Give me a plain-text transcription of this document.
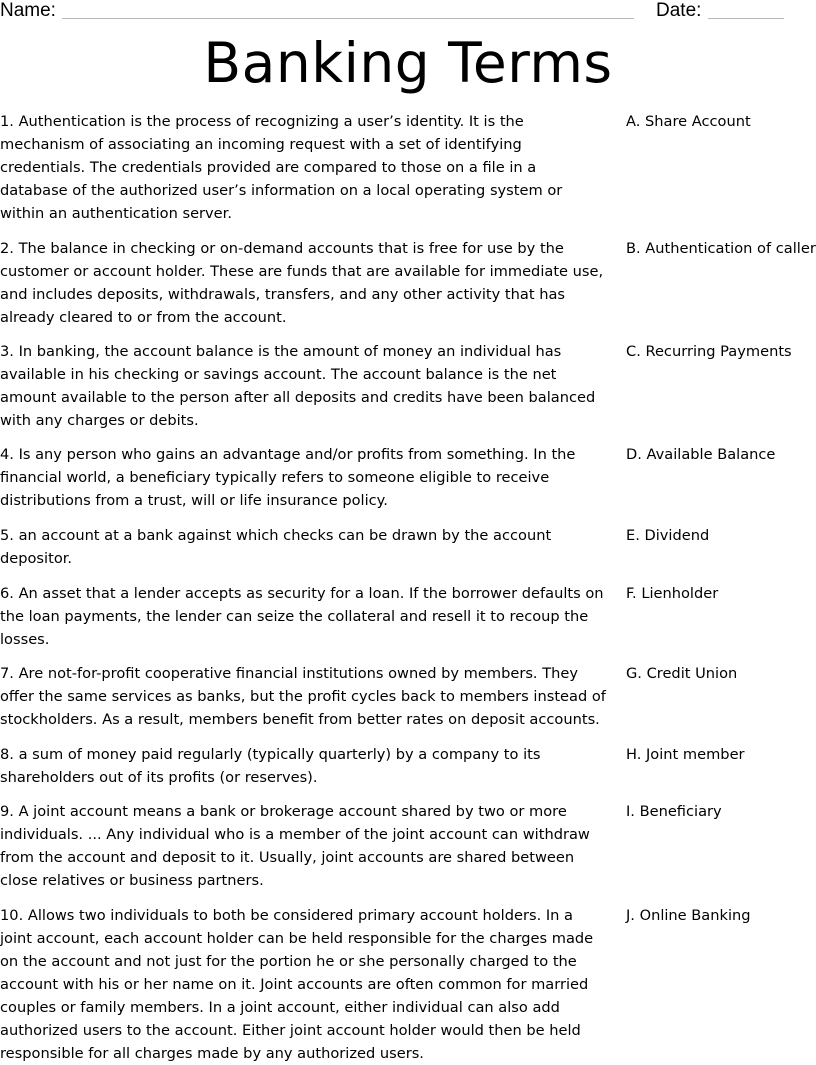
Name:	Date:
Banking Terms
1. Authentication is the process of recognizing a user’s identity. It is the mechanism of associating an incoming request with a set of identifying credentials. The credentials provided are compared to those on a file in a database of the authorized user’s information on a local operating system or within an authentication server.
A. Share Account
2. The balance in checking or on-demand accounts that is free for use by the customer or account holder. These are funds that are available for immediate use, and includes deposits, withdrawals, transfers, and any other activity that has already cleared to or from the account.
B. Authentication of caller
3. In banking, the account balance is the amount of money an individual has available in his checking or savings account. The account balance is the net amount available to the person after all deposits and credits have been balanced with any charges or debits.
C. Recurring Payments
4. Is any person who gains an advantage and/or profits from something. In the financial world, a beneficiary typically refers to someone eligible to receive distributions from a trust, will or life insurance policy.
D. Available Balance
5. an account at a bank against which checks can be drawn by the account depositor.
E. Dividend
6. An asset that a lender accepts as security for a loan. If the borrower defaults on the loan payments, the lender can seize the collateral and resell it to recoup the losses.
F. Lienholder
7. Are not-for-profit cooperative financial institutions owned by members. They offer the same services as banks, but the profit cycles back to members instead of stockholders. As a result, members benefit from better rates on deposit accounts.
G. Credit Union
8. a sum of money paid regularly (typically quarterly) by a company to its shareholders out of its profits (or reserves).
H. Joint member
9. A joint account means a bank or brokerage account shared by two or more individuals. ... Any individual who is a member of the joint account can withdraw from the account and deposit to it. Usually, joint accounts are shared between close relatives or business partners.
I. Beneficiary
10. Allows two individuals to both be considered primary account holders. In a joint account, each account holder can be held responsible for the charges made on the account and not just for the portion he or she personally charged to the account with his or her name on it. Joint accounts are often common for married couples or family members. In a joint account, either individual can also add authorized users to the account. Either joint account holder would then be held responsible for all charges made by any authorized users.
J. Online Banking
